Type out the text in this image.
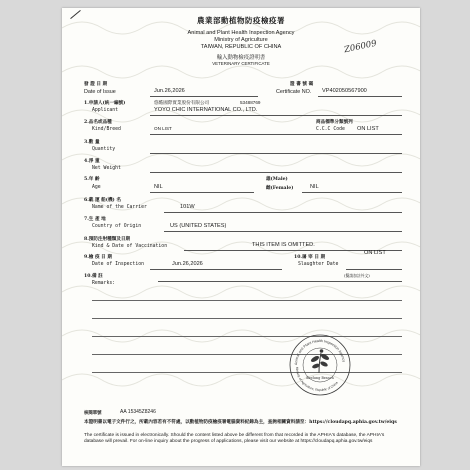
Z06009
農業部動植物防疫檢疫署
Animal and Plant Health Inspection Agency
Ministry of Agriculture
TAIWAN, REPUBLIC OF CHINA
輸入動物檢疫證明書
VETERINARY CERTIFICATE
發 證 日 期
Date of Issue	Jun.26,2026
證 書 號 碼
Certificate NO. VP402050567900
1.申請人(統一編號)
Applicant
悠酷國際實業股份有限公司	53488769
YOYO CHIC INTERNATIONAL CO., LTD.
2.品名或品種
Kind/Breed	ON LIST
商品標準分類號列
C.C.C Code ON LIST
3.數 量
Quantity
4.淨 重
Net Weight
5.年 齡
Age	NIL
雄(Male)
雌(Female)	NIL
6.載 運 船(機) 名
Name of the Carrier	101W
7.生 產 地
Country of Origin	US (UNITED STATES)
8.預防注射種類及日期
Kind & Date of Vaccination	THIS ITEM IS OMITTED.
9.檢 疫 日 期
Date of Inspection	Jun.26,2026
10.屠 宰 日 期
Slaughter Date
ON LIST
10.備 註
Remarks:
(擬請加註外文)
Animal and Plant Health Inspection Agency
Ministry of Agriculture, Republic of China
Keelung Branch
核閱單號	AA 15345Z8246
本證明書以電子文件行之，所載內容若有不符處，以動植物防疫檢疫署電腦資料紀錄為主，查詢相關資料請至：https://cloudapq.aphia.gov.tw/eiqs
The certificate is issued in electronically. Should the content listed above be different from that recorded in the APHIA's database, the APHIA's database will prevail. For on-line inquiry about the progress of applications, please visit our website at https://cloudapq.aphia.gov.tw/eiqs
